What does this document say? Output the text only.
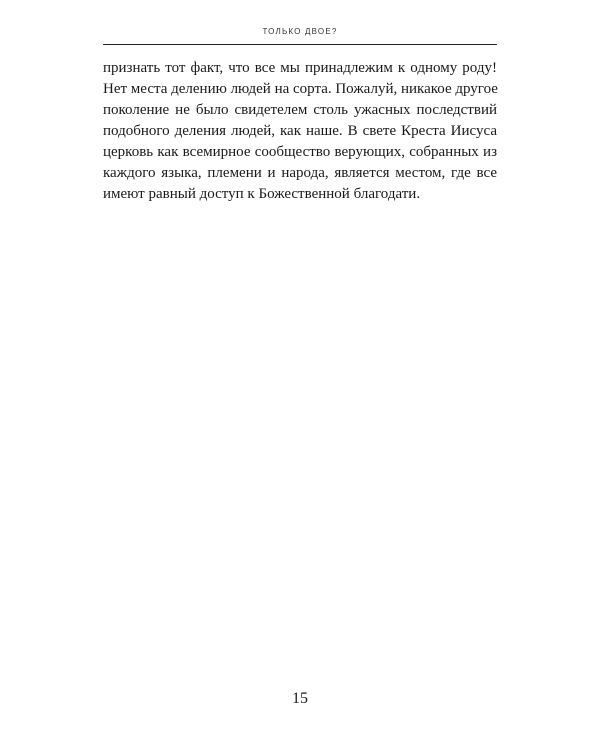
ТОЛЬКО ДВОЕ?

признать тот факт, что все мы принадлежим к одному роду!
Нет места делению людей на сорта. Пожалуй, никакое другое
поколение не было свидетелем столь ужасных последствий
подобного деления людей, как наше. В свете Креста Иисуса
церковь как всемирное сообщество верующих, собранных из
каждого языка, племени и народа, является местом, где все
имеют равный доступ к Божественной благодати.

15
